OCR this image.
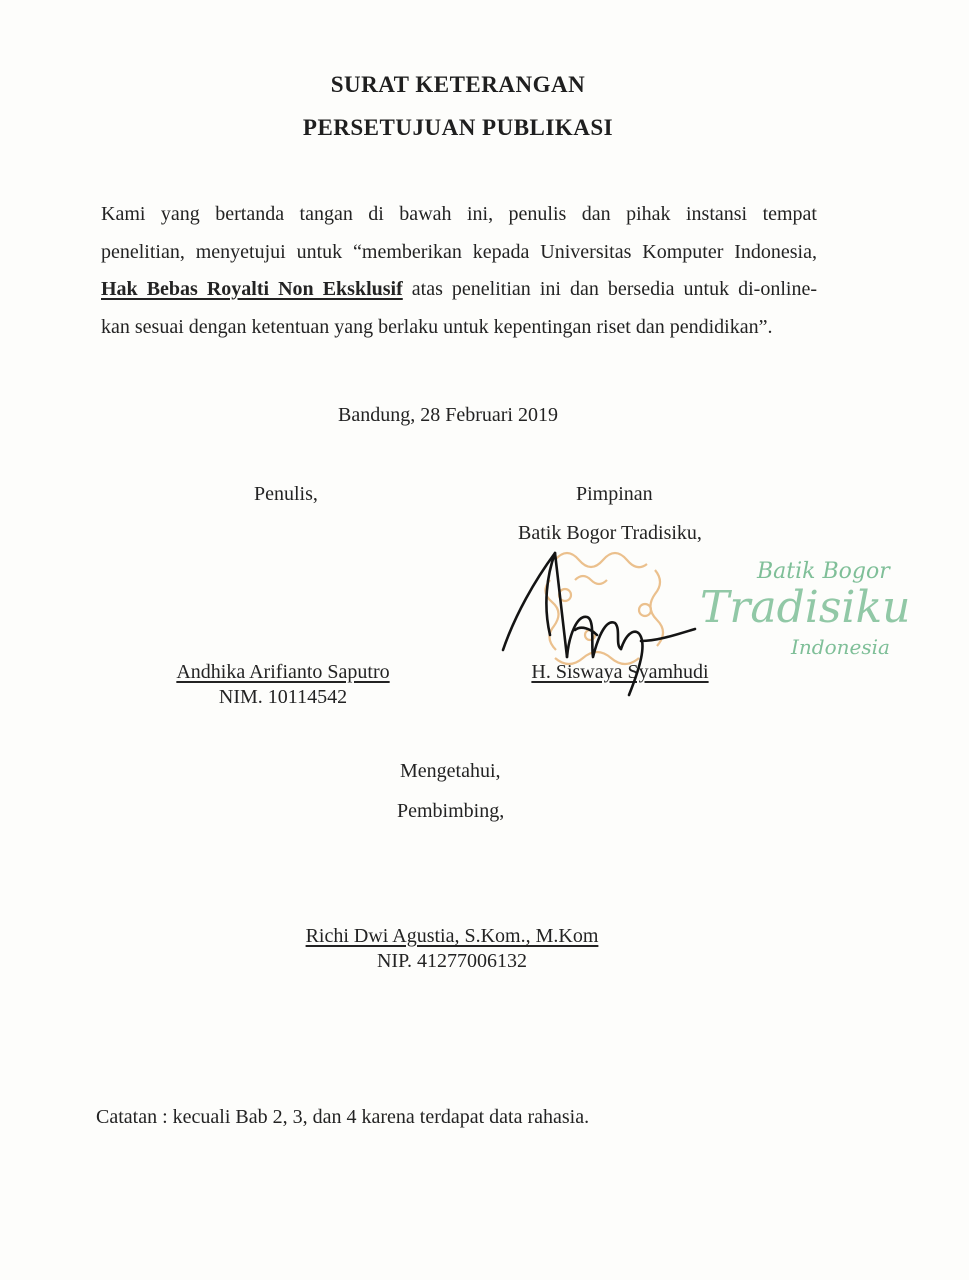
SURAT KETERANGAN
PERSETUJUAN PUBLIKASI
Kami yang bertanda tangan di bawah ini, penulis dan pihak instansi tempat
penelitian, menyetujui untuk “memberikan kepada Universitas Komputer Indonesia,
Hak Bebas Royalti Non Eksklusif atas penelitian ini dan bersedia untuk di-online-
kan sesuai dengan ketentuan yang berlaku untuk kepentingan riset dan pendidikan”.
Bandung, 28 Februari 2019
Penulis,
Andhika Arifianto Saputro
NIM. 10114542
Pimpinan
Batik Bogor Tradisiku,
Batik Bogor
Tradisiku
Indonesia
H. Siswaya Syamhudi
Mengetahui,
Pembimbing,
Richi Dwi Agustia, S.Kom., M.Kom
NIP. 41277006132
Catatan : kecuali Bab 2, 3, dan 4 karena terdapat data rahasia.
